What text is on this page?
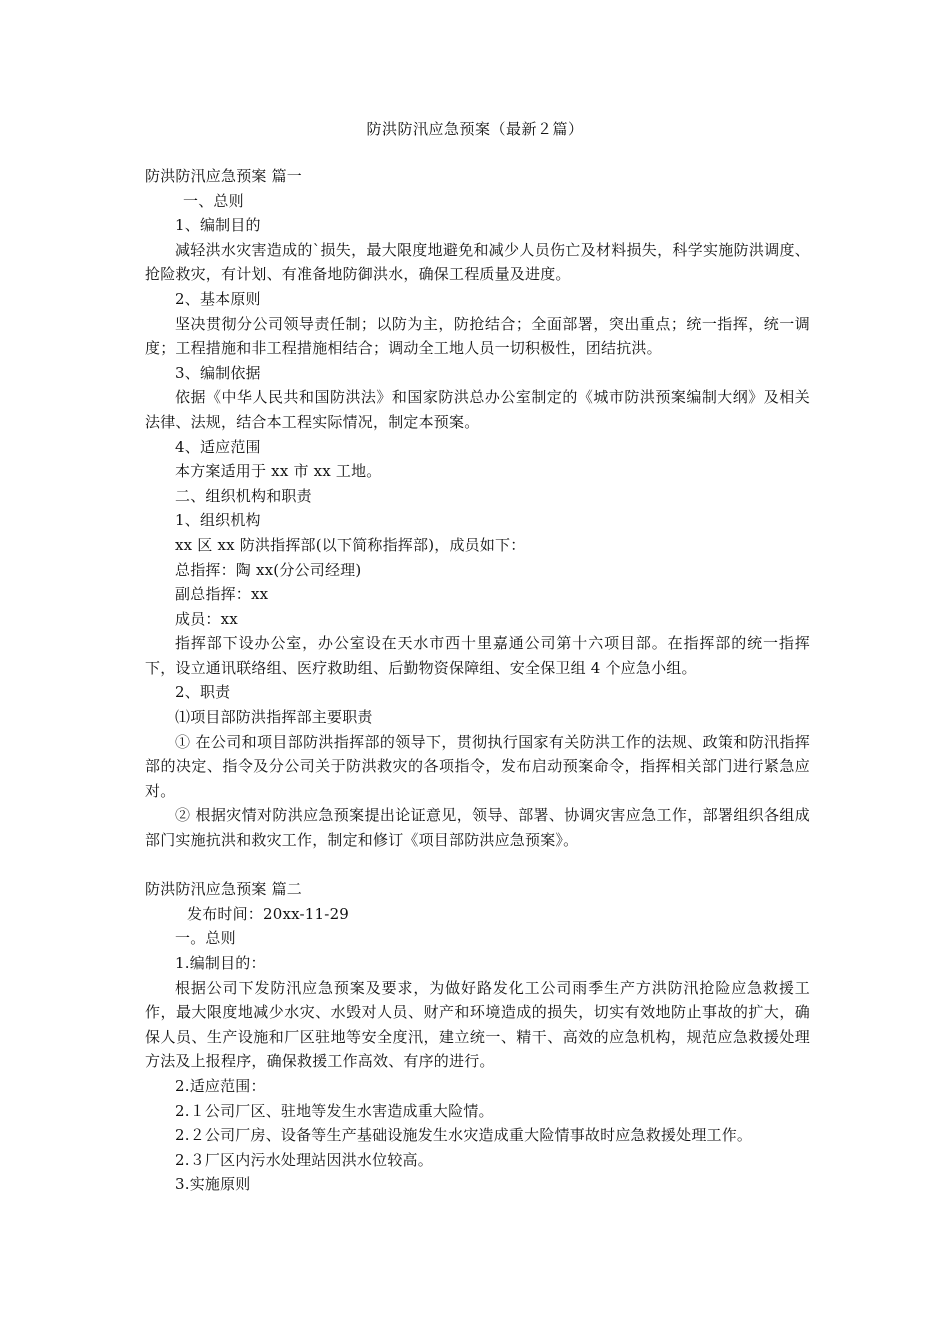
防洪防汛应急预案（最新２篇）

防洪防汛应急预案 篇一

一、总则

1、编制目的

减轻洪水灾害造成的`损失，最大限度地避免和减少人员伤亡及材料损失，科学实施防洪调度、抢险救灾，有计划、有准备地防御洪水，确保工程质量及进度。

2、基本原则

坚决贯彻分公司领导责任制；以防为主，防抢结合；全面部署，突出重点；统一指挥，统一调度；工程措施和非工程措施相结合；调动全工地人员一切积极性，团结抗洪。

3、编制依据

依据《中华人民共和国防洪法》和国家防洪总办公室制定的《城市防洪预案编制大纲》及相关法律、法规，结合本工程实际情况，制定本预案。

4、适应范围

本方案适用于 xx 市 xx 工地。

二、组织机构和职责

1、组织机构

xx 区 xx 防洪指挥部(以下简称指挥部)，成员如下：

总指挥：陶 xx(分公司经理)

副总指挥：xx

成员：xx

指挥部下设办公室，办公室设在天水市西十里嘉通公司第十六项目部。在指挥部的统一指挥下，设立通讯联络组、医疗救助组、后勤物资保障组、安全保卫组 4 个应急小组。

2、职责

⑴项目部防洪指挥部主要职责

① 在公司和项目部防洪指挥部的领导下，贯彻执行国家有关防洪工作的法规、政策和防汛指挥部的决定、指令及分公司关于防洪救灾的各项指令，发布启动预案命令，指挥相关部门进行紧急应对。

② 根据灾情对防洪应急预案提出论证意见，领导、部署、协调灾害应急工作，部署组织各组成部门实施抗洪和救灾工作，制定和修订《项目部防洪应急预案》。

防洪防汛应急预案 篇二

发布时间：20xx-11-29

一。总则

1.编制目的：

根据公司下发防汛应急预案及要求，为做好路发化工公司雨季生产方洪防汛抢险应急救援工作，最大限度地减少水灾、水毁对人员、财产和环境造成的损失，切实有效地防止事故的扩大，确保人员、生产设施和厂区驻地等安全度汛，建立统一、精干、高效的应急机构，规范应急救援处理方法及上报程序，确保救援工作高效、有序的进行。

2.适应范围：

2.１公司厂区、驻地等发生水害造成重大险情。

2.２公司厂房、设备等生产基础设施发生水灾造成重大险情事故时应急救援处理工作。

2.３厂区内污水处理站因洪水位较高。

3.实施原则
